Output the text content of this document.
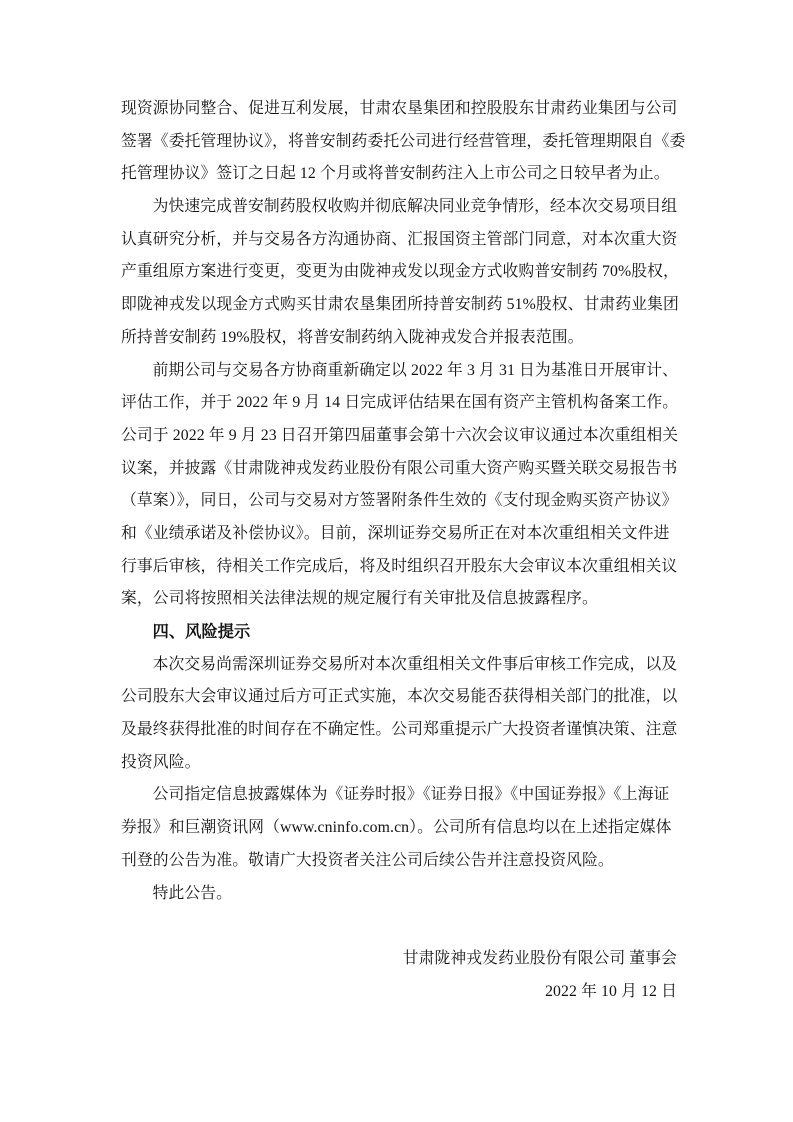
现资源协同整合、促进互利发展，甘肃农垦集团和控股股东甘肃药业集团与公司
签署《委托管理协议》，将普安制药委托公司进行经营管理，委托管理期限自《委
托管理协议》签订之日起 12 个月或将普安制药注入上市公司之日较早者为止。
为快速完成普安制药股权收购并彻底解决同业竞争情形，经本次交易项目组
认真研究分析，并与交易各方沟通协商、汇报国资主管部门同意，对本次重大资
产重组原方案进行变更，变更为由陇神戎发以现金方式收购普安制药 70%股权，
即陇神戎发以现金方式购买甘肃农垦集团所持普安制药 51%股权、甘肃药业集团
所持普安制药 19%股权，将普安制药纳入陇神戎发合并报表范围。
前期公司与交易各方协商重新确定以 2022 年 3 月 31 日为基准日开展审计、
评估工作，并于 2022 年 9 月 14 日完成评估结果在国有资产主管机构备案工作。
公司于 2022 年 9 月 23 日召开第四届董事会第十六次会议审议通过本次重组相关
议案，并披露《甘肃陇神戎发药业股份有限公司重大资产购买暨关联交易报告书
（草案）》，同日，公司与交易对方签署附条件生效的《支付现金购买资产协议》
和《业绩承诺及补偿协议》。目前，深圳证券交易所正在对本次重组相关文件进
行事后审核，待相关工作完成后，将及时组织召开股东大会审议本次重组相关议
案，公司将按照相关法律法规的规定履行有关审批及信息披露程序。
四、风险提示
本次交易尚需深圳证券交易所对本次重组相关文件事后审核工作完成，以及
公司股东大会审议通过后方可正式实施，本次交易能否获得相关部门的批准，以
及最终获得批准的时间存在不确定性。公司郑重提示广大投资者谨慎决策、注意
投资风险。
公司指定信息披露媒体为《证券时报》《证券日报》《中国证券报》《上海证
券报》和巨潮资讯网（www.cninfo.com.cn）。公司所有信息均以在上述指定媒体
刊登的公告为准。敬请广大投资者关注公司后续公告并注意投资风险。
特此公告。
甘肃陇神戎发药业股份有限公司 董事会
2022 年 10 月 12 日
